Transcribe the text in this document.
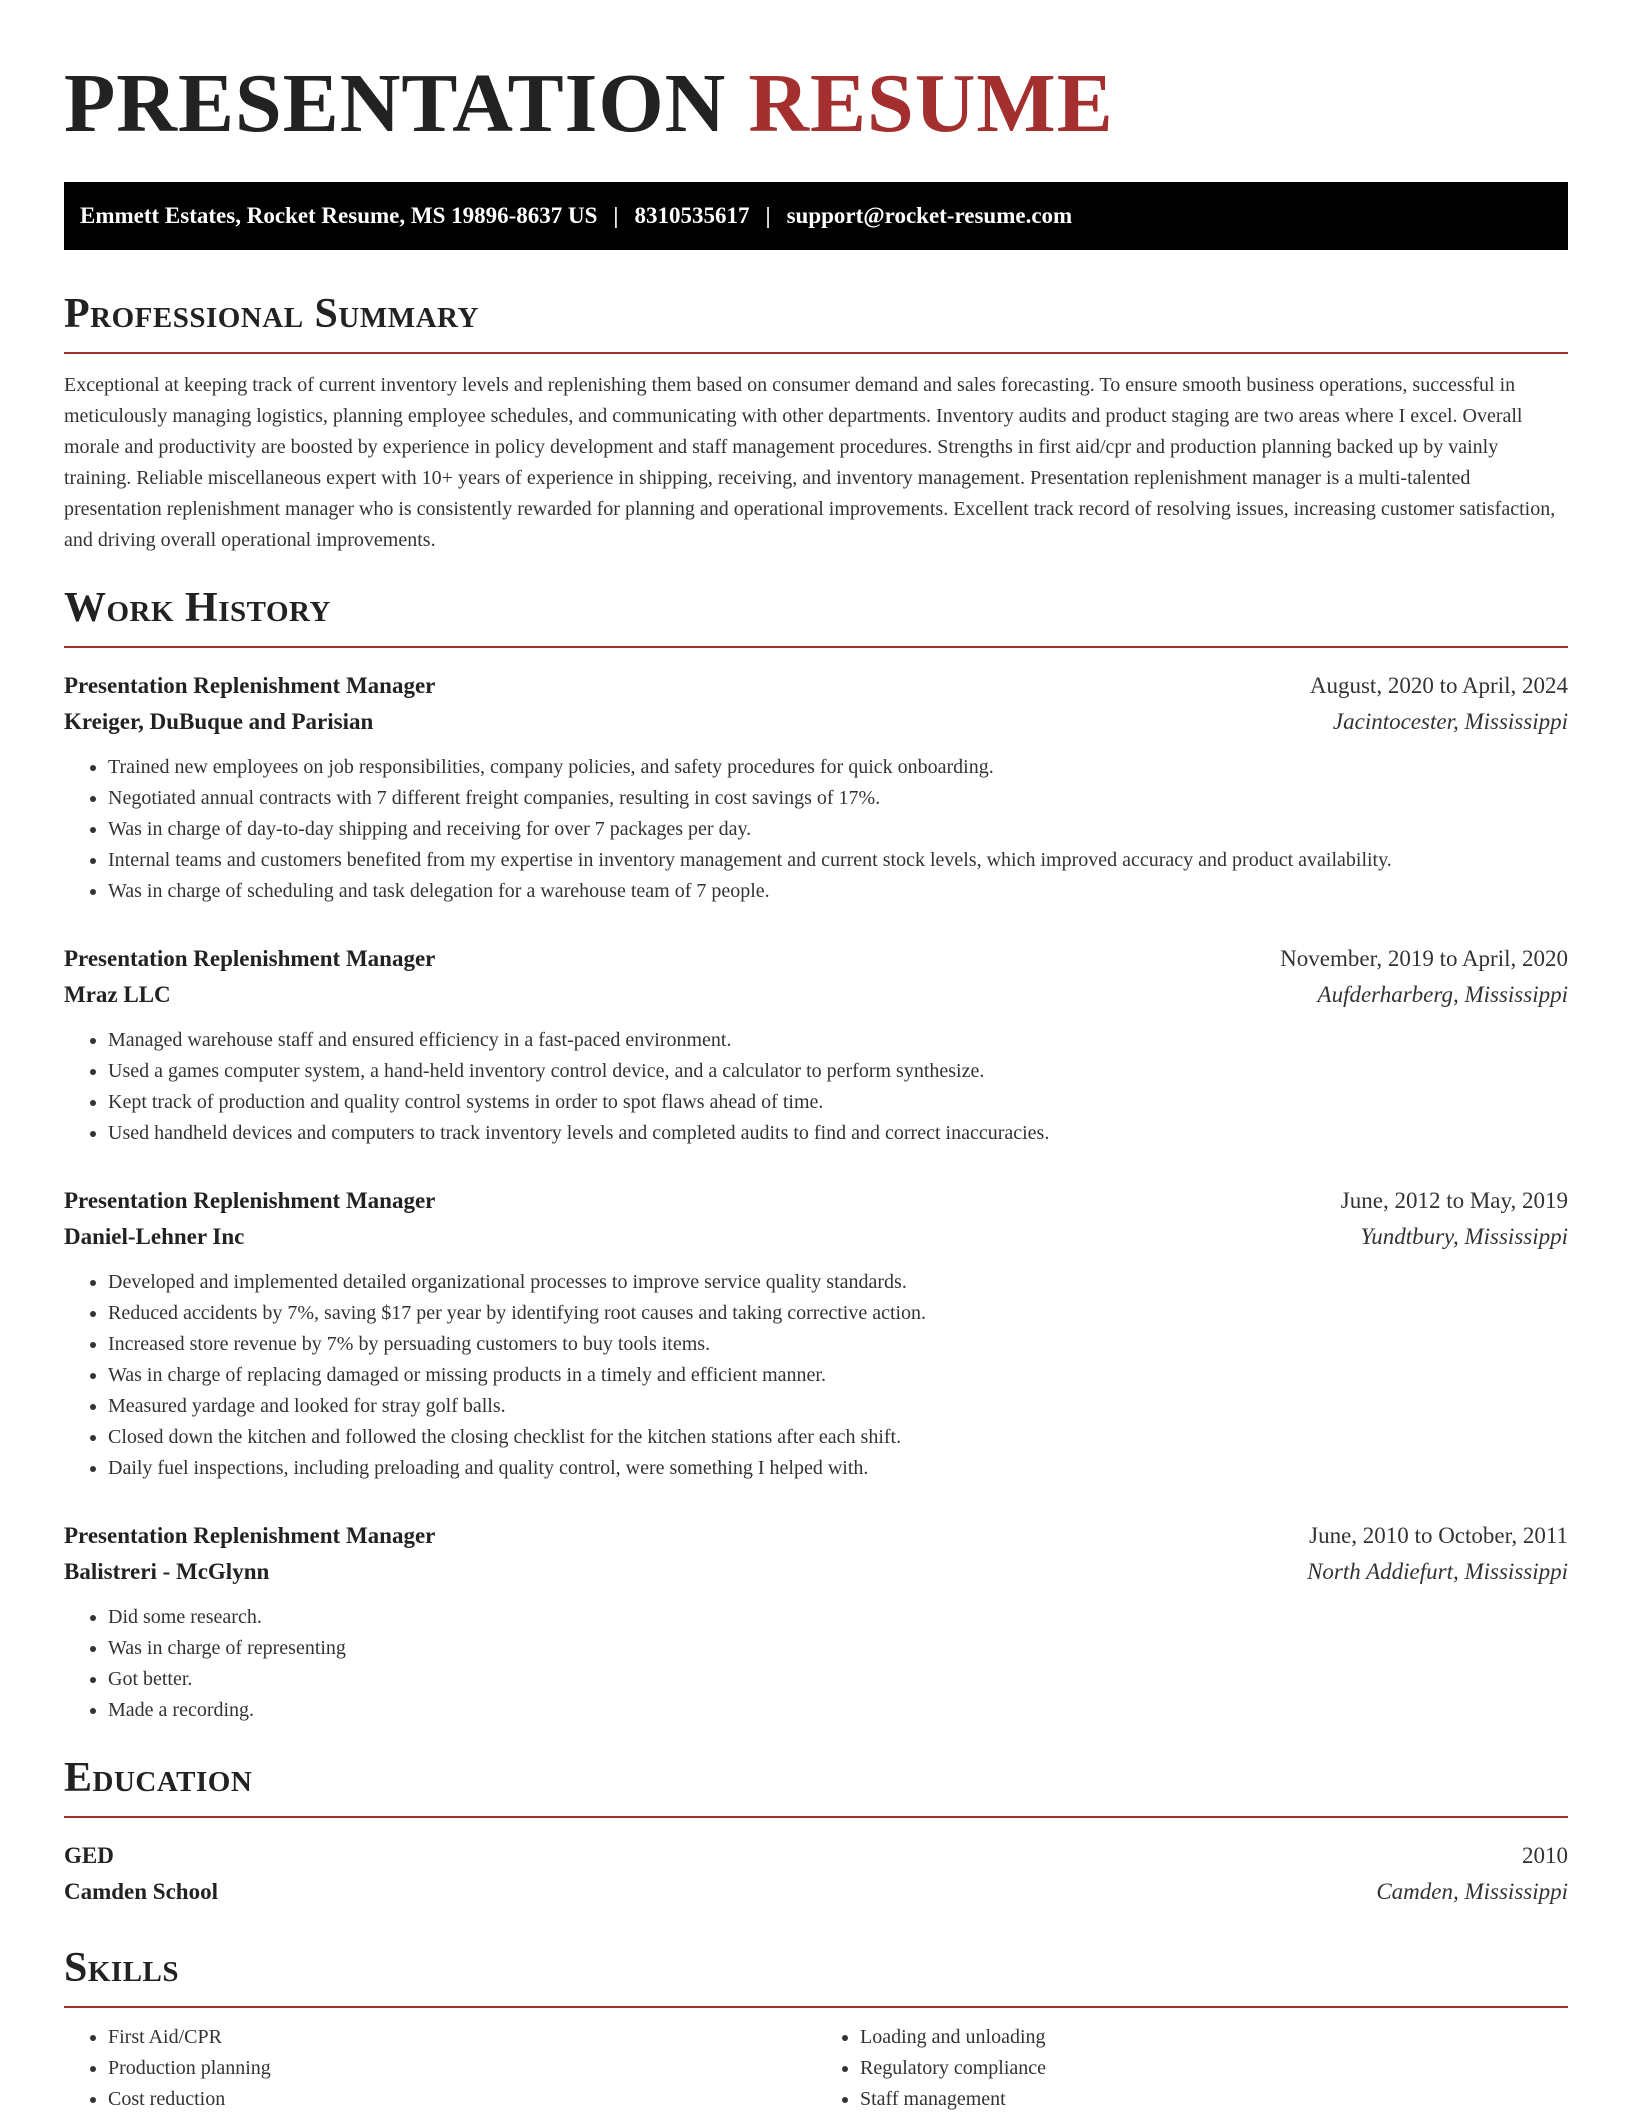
PRESENTATION RESUME
Emmett Estates, Rocket Resume, MS 19896-8637 US | 8310535617 | support@rocket-resume.com
Professional Summary

Exceptional at keeping track of current inventory levels and replenishing them based on consumer demand and sales forecasting. To ensure smooth business operations, successful in meticulously managing logistics, planning employee schedules, and communicating with other departments. Inventory audits and product staging are two areas where I excel. Overall morale and productivity are boosted by experience in policy development and staff management procedures. Strengths in first aid/cpr and production planning backed up by vainly training. Reliable miscellaneous expert with 10+ years of experience in shipping, receiving, and inventory management. Presentation replenishment manager is a multi-talented presentation replenishment manager who is consistently rewarded for planning and operational improvements. Excellent track record of resolving issues, increasing customer satisfaction, and driving overall operational improvements.

Work History
Presentation Replenishment Manager	August, 2020 to April, 2024
Kreiger, DuBuque and Parisian	Jacintocester, Mississippi
• Trained new employees on job responsibilities, company policies, and safety procedures for quick onboarding.
• Negotiated annual contracts with 7 different freight companies, resulting in cost savings of 17%.
• Was in charge of day-to-day shipping and receiving for over 7 packages per day.
• Internal teams and customers benefited from my expertise in inventory management and current stock levels, which improved accuracy and product availability.
• Was in charge of scheduling and task delegation for a warehouse team of 7 people.
Presentation Replenishment Manager	November, 2019 to April, 2020
Mraz LLC	Aufderharberg, Mississippi
• Managed warehouse staff and ensured efficiency in a fast-paced environment.
• Used a games computer system, a hand-held inventory control device, and a calculator to perform synthesize.
• Kept track of production and quality control systems in order to spot flaws ahead of time.
• Used handheld devices and computers to track inventory levels and completed audits to find and correct inaccuracies.
Presentation Replenishment Manager	June, 2012 to May, 2019
Daniel-Lehner Inc	Yundtbury, Mississippi
• Developed and implemented detailed organizational processes to improve service quality standards.
• Reduced accidents by 7%, saving $17 per year by identifying root causes and taking corrective action.
• Increased store revenue by 7% by persuading customers to buy tools items.
• Was in charge of replacing damaged or missing products in a timely and efficient manner.
• Measured yardage and looked for stray golf balls.
• Closed down the kitchen and followed the closing checklist for the kitchen stations after each shift.
• Daily fuel inspections, including preloading and quality control, were something I helped with.
Presentation Replenishment Manager	June, 2010 to October, 2011
Balistreri - McGlynn	North Addiefurt, Mississippi
• Did some research.
• Was in charge of representing
• Got better.
• Made a recording.
Education
GED	2010
Camden School	Camden, Mississippi
Skills
• First Aid/CPR
• Production planning
• Cost reduction
• Loading and unloading
• Regulatory compliance
• Staff management
